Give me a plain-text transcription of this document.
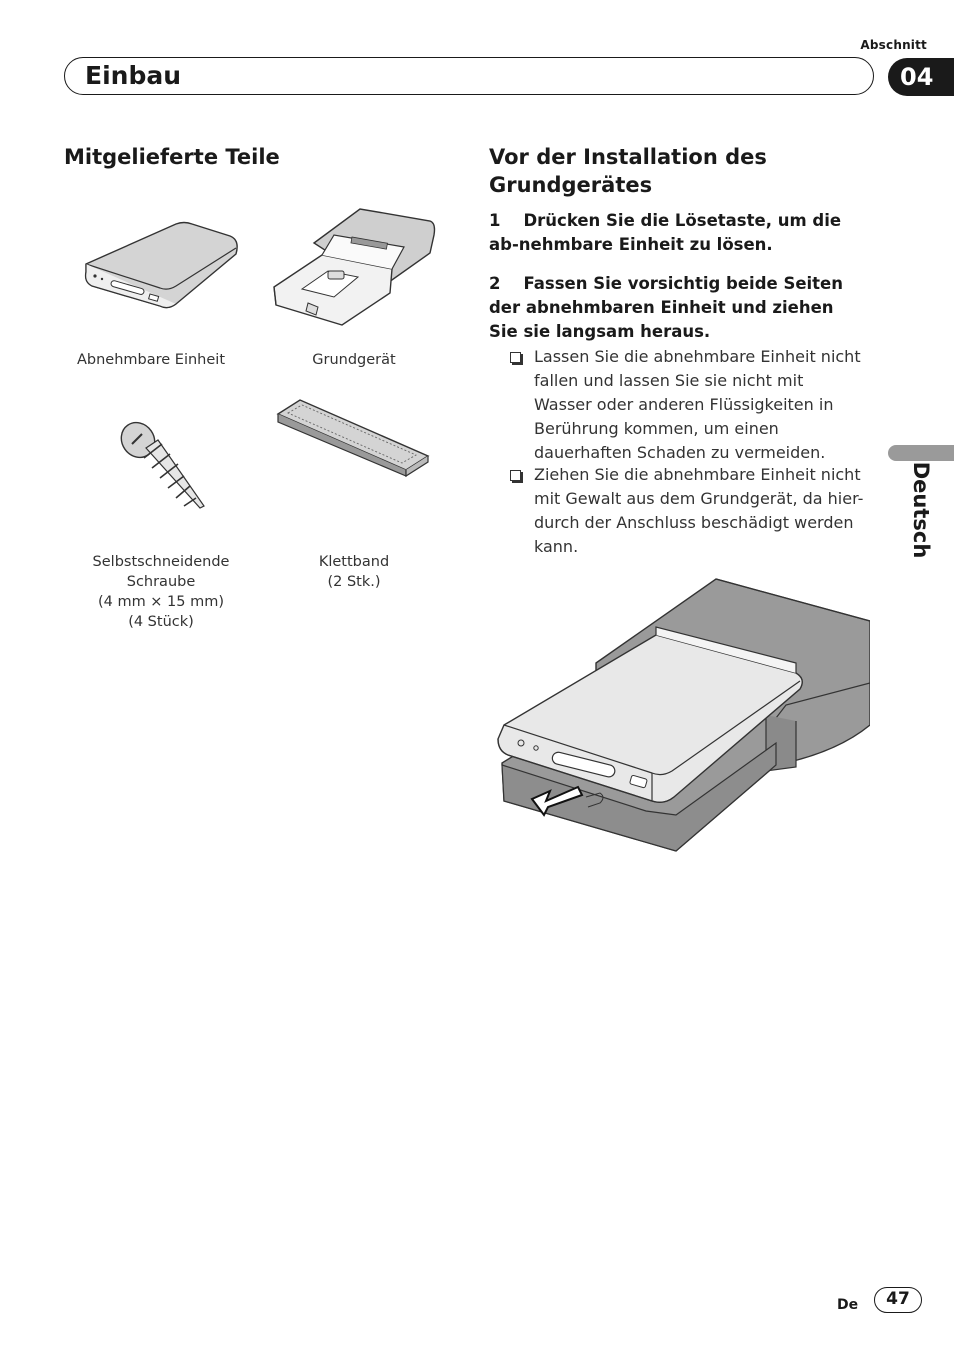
Abschnitt
Einbau	04
Deutsch
Mitgelieferte Teile
Abnehmbare Einheit	Grundgerät
Selbstschneidende
Schraube
(4 mm × 15 mm)
(4 Stück)
Klettband
(2 Stk.)
Vor der Installation des Grundgerätes
1 Drücken Sie die Lösetaste, um die ab-nehmbare Einheit zu lösen.
2 Fassen Sie vorsichtig beide Seiten der abnehmbaren Einheit und ziehen Sie sie langsam heraus.
Lassen Sie die abnehmbare Einheit nicht fallen und lassen Sie sie nicht mit Wasser oder anderen Flüssigkeiten in Berührung kommen, um einen dauerhaften Schaden zu vermeiden.
Ziehen Sie die abnehmbare Einheit nicht mit Gewalt aus dem Grundgerät, da hier-durch der Anschluss beschädigt werden kann.
De	47
